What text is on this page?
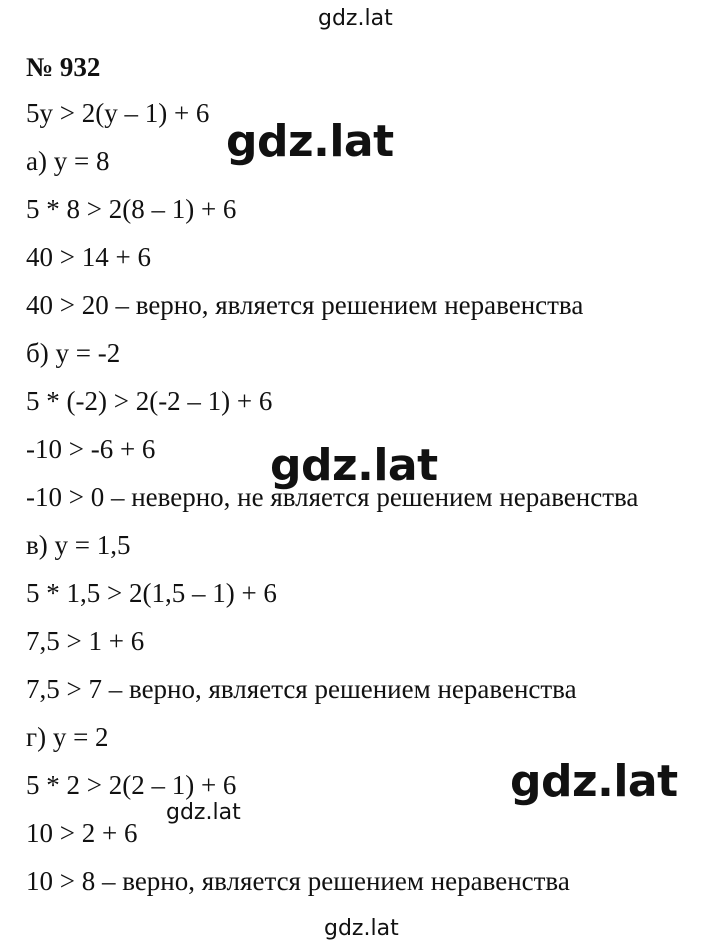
gdz.lat
№ 932
5y > 2(y – 1) + 6
а) y = 8
5 * 8 > 2(8 – 1) + 6
40 > 14 + 6
40 > 20 – верно, является решением неравенства
б) y = -2
5 * (-2) > 2(-2 – 1) + 6
-10 > -6 + 6
-10 > 0 – неверно, не является решением неравенства
в) y = 1,5
5 * 1,5 > 2(1,5 – 1) + 6
7,5 > 1 + 6
7,5 > 7 – верно, является решением неравенства
г) y = 2
5 * 2 > 2(2 – 1) + 6
10 > 2 + 6
10 > 8 – верно, является решением неравенства
gdz.lat
gdz.lat
gdz.lat
gdz.lat
gdz.lat
